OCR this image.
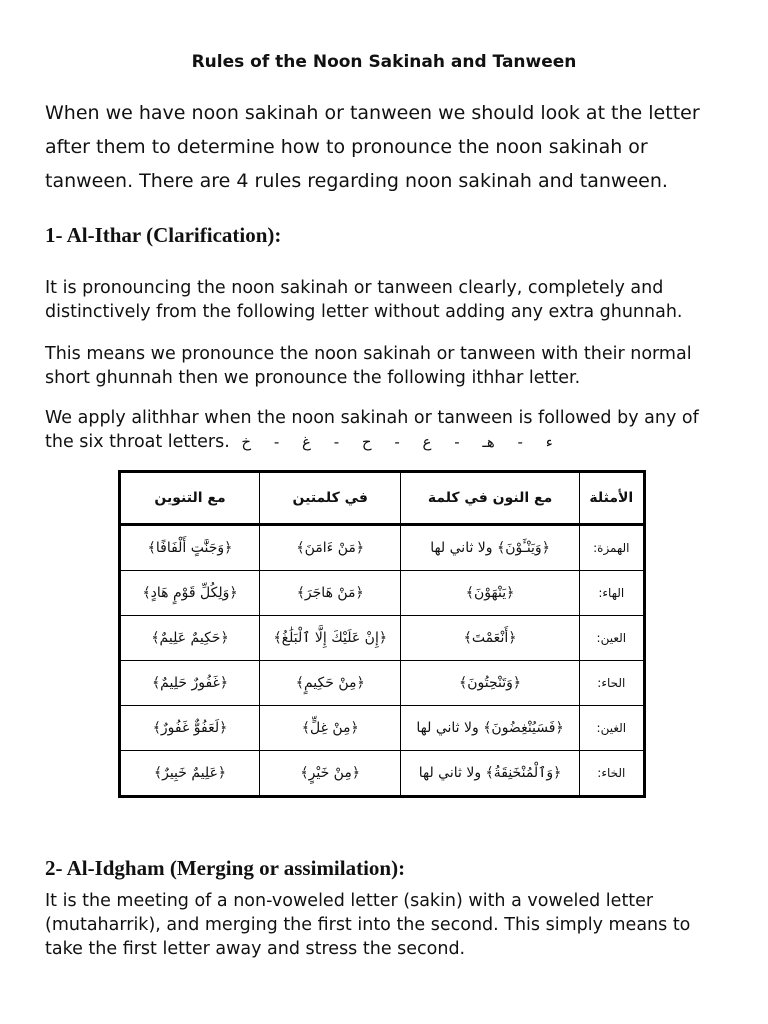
Rules of the Noon Sakinah and Tanween

When we have noon sakinah or tanween we should look at the letter
after them to determine how to pronounce the noon sakinah or
tanween. There are 4 rules regarding noon sakinah and tanween.

1- Al-Ithar (Clarification):

It is pronouncing the noon sakinah or tanween clearly, completely and
distinctively from the following letter without adding any extra ghunnah.

This means we pronounce the noon sakinah or tanween with their normal
short ghunnah then we pronounce the following ithhar letter.

We apply alithhar when the noon sakinah or tanween is followed by any of
the six throat letters. ء - هـ - ع - ح - غ - خ

الأمثلة	مع النون في كلمة	في كلمتين	مع التنوين
الهمزة:	﴿وَيَنْـَٔوْنَ﴾ ولا ثاني لها	﴿مَنْ ءَامَنَ﴾	﴿وَجَنَّٰتٍ أَلْفَافًا﴾
الهاء:	﴿يَنْهَوْنَ﴾	﴿مَنْ هَاجَرَ﴾	﴿وَلِكُلِّ قَوْمٍ هَادٍ﴾
العين:	﴿أَنْعَمْتَ﴾	﴿إِنْ عَلَيْكَ إِلَّا ٱلْبَلَٰغُ﴾	﴿حَكِيمٌ عَلِيمٌ﴾
الحاء:	﴿وَتَنْحِتُونَ﴾	﴿مِنْ حَكِيمٍ﴾	﴿غَفُورٌ حَلِيمٌ﴾
الغين:	﴿فَسَيُنْغِضُونَ﴾ ولا ثاني لها	﴿مِنْ غِلٍّ﴾	﴿لَعَفُوٌّ غَفُورٌ﴾
الخاء:	﴿وَٱلْمُنْخَنِقَةُ﴾ ولا ثاني لها	﴿مِنْ خَيْرٍ﴾	﴿عَلِيمٌ خَبِيرٌ﴾
2- Al-Idgham (Merging or assimilation):

It is the meeting of a non-voweled letter (sakin) with a voweled letter
(mutaharrik), and merging the first into the second. This simply means to
take the first letter away and stress the second.
